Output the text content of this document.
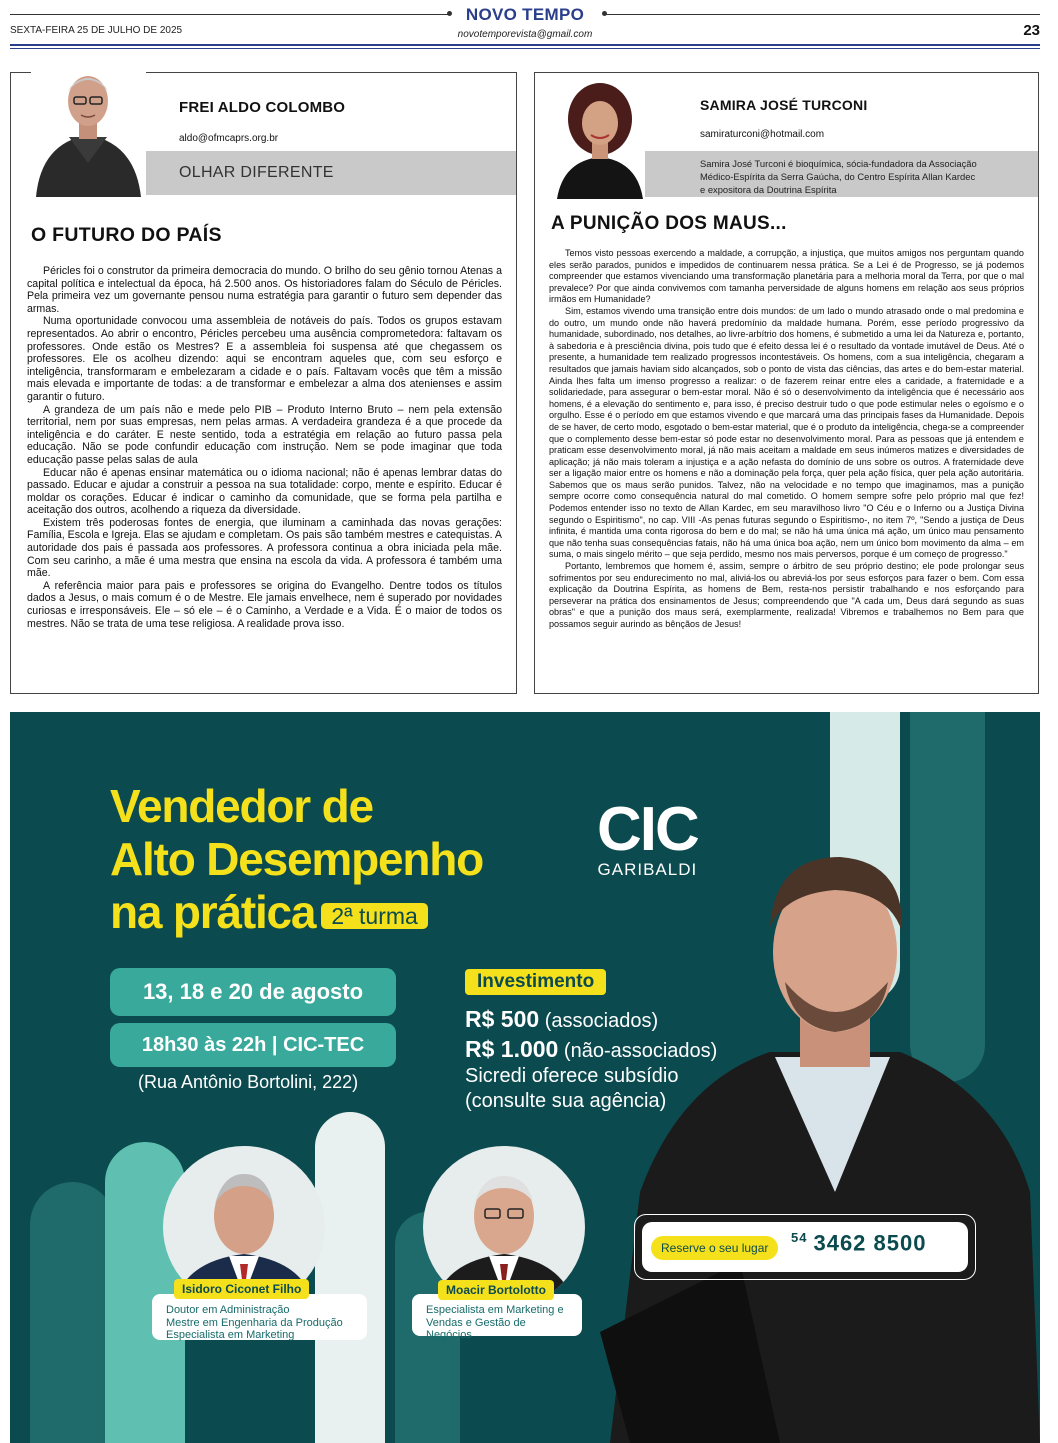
NOVO TEMPO
novotemporevista@gmail.com
SEXTA-FEIRA 25 DE JULHO DE 2025	23
FREI ALDO COLOMBO
aldo@ofmcaprs.org.br
OLHAR DIFERENTE
O FUTURO DO PAÍS

Péricles foi o construtor da primeira democracia do mundo. O brilho do seu gênio tornou Atenas a capital política e intelectual da época, há 2.500 anos. Os historiadores falam do Século de Péricles. Pela primeira vez um governante pensou numa estratégia para garantir o futuro sem depender das armas.

Numa oportunidade convocou uma assembleia de notáveis do país. Todos os grupos estavam representados. Ao abrir o encontro, Péricles percebeu uma ausência comprometedora: faltavam os professores. Onde estão os Mestres? E a assembleia foi suspensa até que chegassem os professores. Ele os acolheu dizendo: aqui se encontram aqueles que, com seu esforço e inteligência, transformaram e embelezaram a cidade e o país. Faltavam vocês que têm a missão mais elevada e importante de todas: a de transformar e embelezar a alma dos atenienses e assim garantir o futuro.

A grandeza de um país não e mede pelo PIB – Produto Interno Bruto – nem pela extensão territorial, nem por suas empresas, nem pelas armas. A verdadeira grandeza é a que procede da inteligência e do caráter. E neste sentido, toda a estratégia em relação ao futuro passa pela educação. Não se pode confundir educação com instrução. Nem se pode imaginar que toda educação passe pelas salas de aula

Educar não é apenas ensinar matemática ou o idioma nacional; não é apenas lembrar datas do passado. Educar e ajudar a construir a pessoa na sua totalidade: corpo, mente e espírito. Educar é moldar os corações. Educar é indicar o caminho da comunidade, que se forma pela partilha e aceitação dos outros, acolhendo a riqueza da diversidade.

Existem três poderosas fontes de energia, que iluminam a caminhada das novas gerações: Família, Escola e Igreja. Elas se ajudam e completam. Os pais são também mestres e catequistas. A autoridade dos pais é passada aos professores. A professora continua a obra iniciada pela mãe. Com seu carinho, a mãe é uma mestra que ensina na escola da vida. A professora é também uma mãe.

A referência maior para pais e professores se origina do Evangelho. Dentre todos os títulos dados a Jesus, o mais comum é o de Mestre. Ele jamais envelhece, nem é superado por novidades curiosas e irresponsáveis. Ele – só ele – é o Caminho, a Verdade e a Vida. É o maior de todos os mestres. Não se trata de uma tese religiosa. A realidade prova isso.

SAMIRA JOSÉ TURCONI
samiraturconi@hotmail.com
Samira José Turconi é bioquímica, sócia-fundadora da Associação Médico-Espírita da Serra Gaúcha, do Centro Espírita Allan Kardec e expositora da Doutrina Espírita
A PUNIÇÃO DOS MAUS...

Temos visto pessoas exercendo a maldade, a corrupção, a injustiça, que muitos amigos nos perguntam quando eles serão parados, punidos e impedidos de continuarem nessa prática. Se a Lei é de Progresso, se já podemos compreender que estamos vivenciando uma transformação planetária para a melhoria moral da Terra, por que o mal prevalece? Por que ainda convivemos com tamanha perversidade de alguns homens em relação aos seus próprios irmãos em Humanidade?

Sim, estamos vivendo uma transição entre dois mundos: de um lado o mundo atrasado onde o mal predomina e do outro, um mundo onde não haverá predomínio da maldade humana. Porém, esse período progressivo da humanidade, subordinado, nos detalhes, ao livre-arbítrio dos homens, é submetido a uma lei da Natureza e, portanto, à sabedoria e à presciência divina, pois tudo que é efeito dessa lei é o resultado da vontade imutável de Deus. Até o presente, a humanidade tem realizado progressos incontestáveis. Os homens, com a sua inteligência, chegaram a resultados que jamais haviam sido alcançados, sob o ponto de vista das ciências, das artes e do bem-estar material. Ainda lhes falta um imenso progresso a realizar: o de fazerem reinar entre eles a caridade, a fraternidade e a solidariedade, para assegurar o bem-estar moral. Não é só o desenvolvimento da inteligência que é necessário aos homens, é a elevação do sentimento e, para isso, é preciso destruir tudo o que pode estimular neles o egoísmo e o orgulho. Esse é o período em que estamos vivendo e que marcará uma das principais fases da Humanidade. Depois de se haver, de certo modo, esgotado o bem-estar material, que é o produto da inteligência, chega-se a compreender que o complemento desse bem-estar só pode estar no desenvolvimento moral. Para as pessoas que já entendem e praticam esse desenvolvimento moral, já não mais aceitam a maldade em seus inúmeros matizes e diversidades de aplicação; já não mais toleram a injustiça e a ação nefasta do domínio de uns sobre os outros. A fraternidade deve ser a ligação maior entre os homens e não a dominação pela força, quer pela ação física, quer pela ação autoritária. Sabemos que os maus serão punidos. Talvez, não na velocidade e no tempo que imaginamos, mas a punição sempre ocorre como consequência natural do mal cometido. O homem sempre sofre pelo próprio mal que fez! Podemos entender isso no texto de Allan Kardec, em seu maravilhoso livro "O Céu e o Inferno ou a Justiça Divina segundo o Espiritismo", no cap. VIII -As penas futuras segundo o Espiritismo-, no item 7º, "Sendo a justiça de Deus infinita, é mantida uma conta rigorosa do bem e do mal; se não há uma única má ação, um único mau pensamento que não tenha suas consequências fatais, não há uma única boa ação, nem um único bom movimento da alma – em suma, o mais singelo mérito – que seja perdido, mesmo nos mais perversos, porque é um começo de progresso."

Portanto, lembremos que homem é, assim, sempre o árbitro de seu próprio destino; ele pode prolongar seus sofrimentos por seu endurecimento no mal, aliviá-los ou abreviá-los por seus esforços para fazer o bem. Com essa explicação da Doutrina Espírita, as homens de Bem, resta-nos persistir trabalhando e nos esforçando para perseverar na prática dos ensinamentos de Jesus; compreendendo que "A cada um, Deus dará segundo as suas obras" e que a punição dos maus será, exemplarmente, realizada! Vibremos e trabalhemos no Bem para que possamos seguir aurindo as bênçãos de Jesus!

Vendedor de
Alto Desempenho
na prática 2ª turma
CIC
GARIBALDI
13, 18 e 20 de agosto
18h30 às 22h | CIC-TEC
(Rua Antônio Bortolini, 222)
Investimento
R$ 500 (associados)
R$ 1.000 (não-associados)
Sicredi oferece subsídio
(consulte sua agência)
Doutor em Administração
Mestre em Engenharia da Produção
Especialista em Marketing
Isidoro Ciconet Filho
Especialista em Marketing e
Vendas e Gestão de Negócios
Moacir Bortolotto
Reserve o seu lugar
$^{54}$ 3462 8500
